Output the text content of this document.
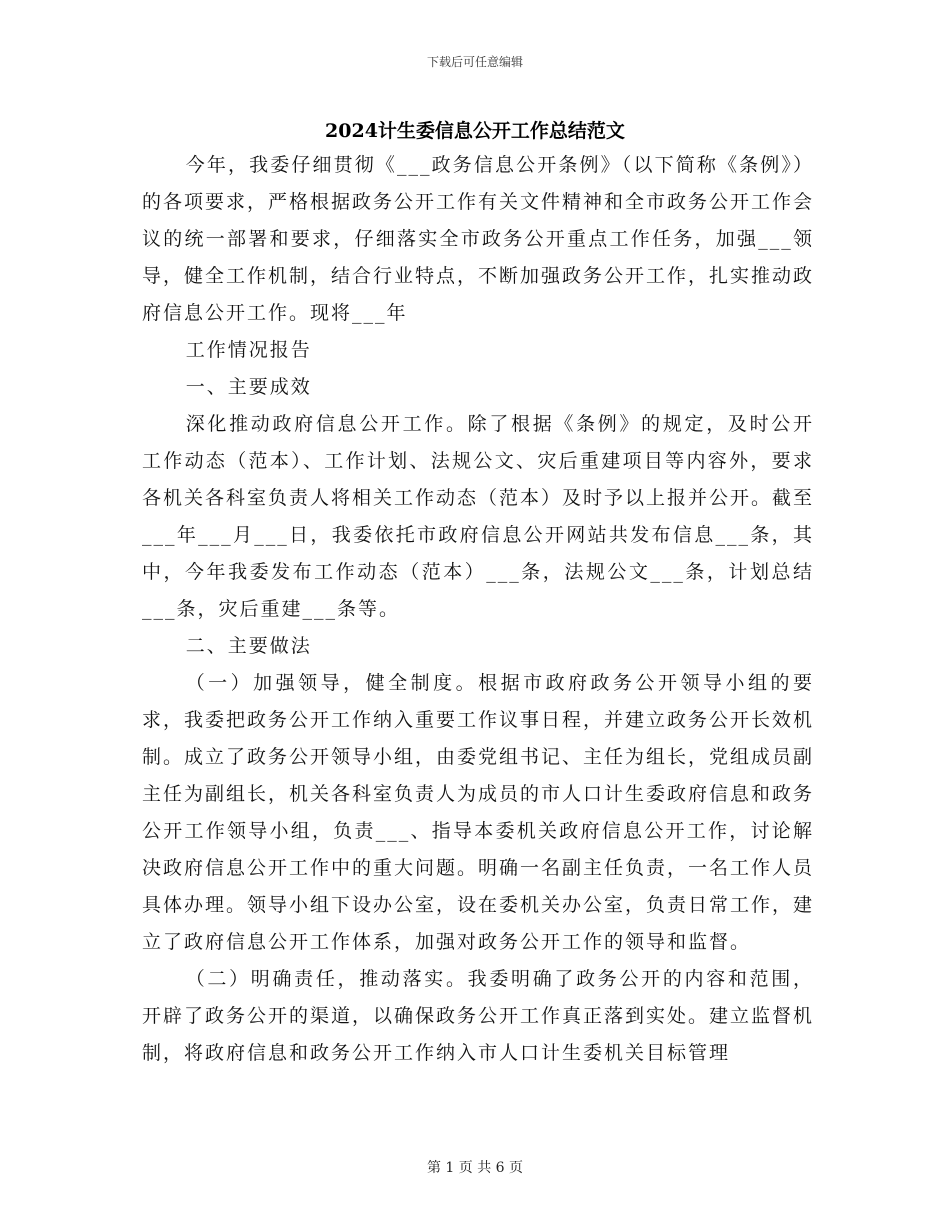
下载后可任意编辑
2024计生委信息公开工作总结范文

今年，我委仔细贯彻《___政务信息公开条例》（以下简称《条例》）的各项要求，严格根据政务公开工作有关文件精神和全市政务公开工作会议的统一部署和要求，仔细落实全市政务公开重点工作任务，加强___领导，健全工作机制，结合行业特点，不断加强政务公开工作，扎实推动政府信息公开工作。现将___年

工作情况报告

一、主要成效

深化推动政府信息公开工作。除了根据《条例》的规定，及时公开工作动态（范本）、工作计划、法规公文、灾后重建项目等内容外，要求各机关各科室负责人将相关工作动态（范本）及时予以上报并公开。截至___年___月___日，我委依托市政府信息公开网站共发布信息___条，其中，今年我委发布工作动态（范本）___条，法规公文___条，计划总结___条，灾后重建___条等。

二、主要做法

（一）加强领导，健全制度。根据市政府政务公开领导小组的要求，我委把政务公开工作纳入重要工作议事日程，并建立政务公开长效机制。成立了政务公开领导小组，由委党组书记、主任为组长，党组成员副主任为副组长，机关各科室负责人为成员的市人口计生委政府信息和政务公开工作领导小组，负责___、指导本委机关政府信息公开工作，讨论解决政府信息公开工作中的重大问题。明确一名副主任负责，一名工作人员具体办理。领导小组下设办公室，设在委机关办公室，负责日常工作，建立了政府信息公开工作体系，加强对政务公开工作的领导和监督。

（二）明确责任，推动落实。我委明确了政务公开的内容和范围，开辟了政务公开的渠道，以确保政务公开工作真正落到实处。建立监督机制，将政府信息和政务公开工作纳入市人口计生委机关目标管理

第 1 页 共 6 页
